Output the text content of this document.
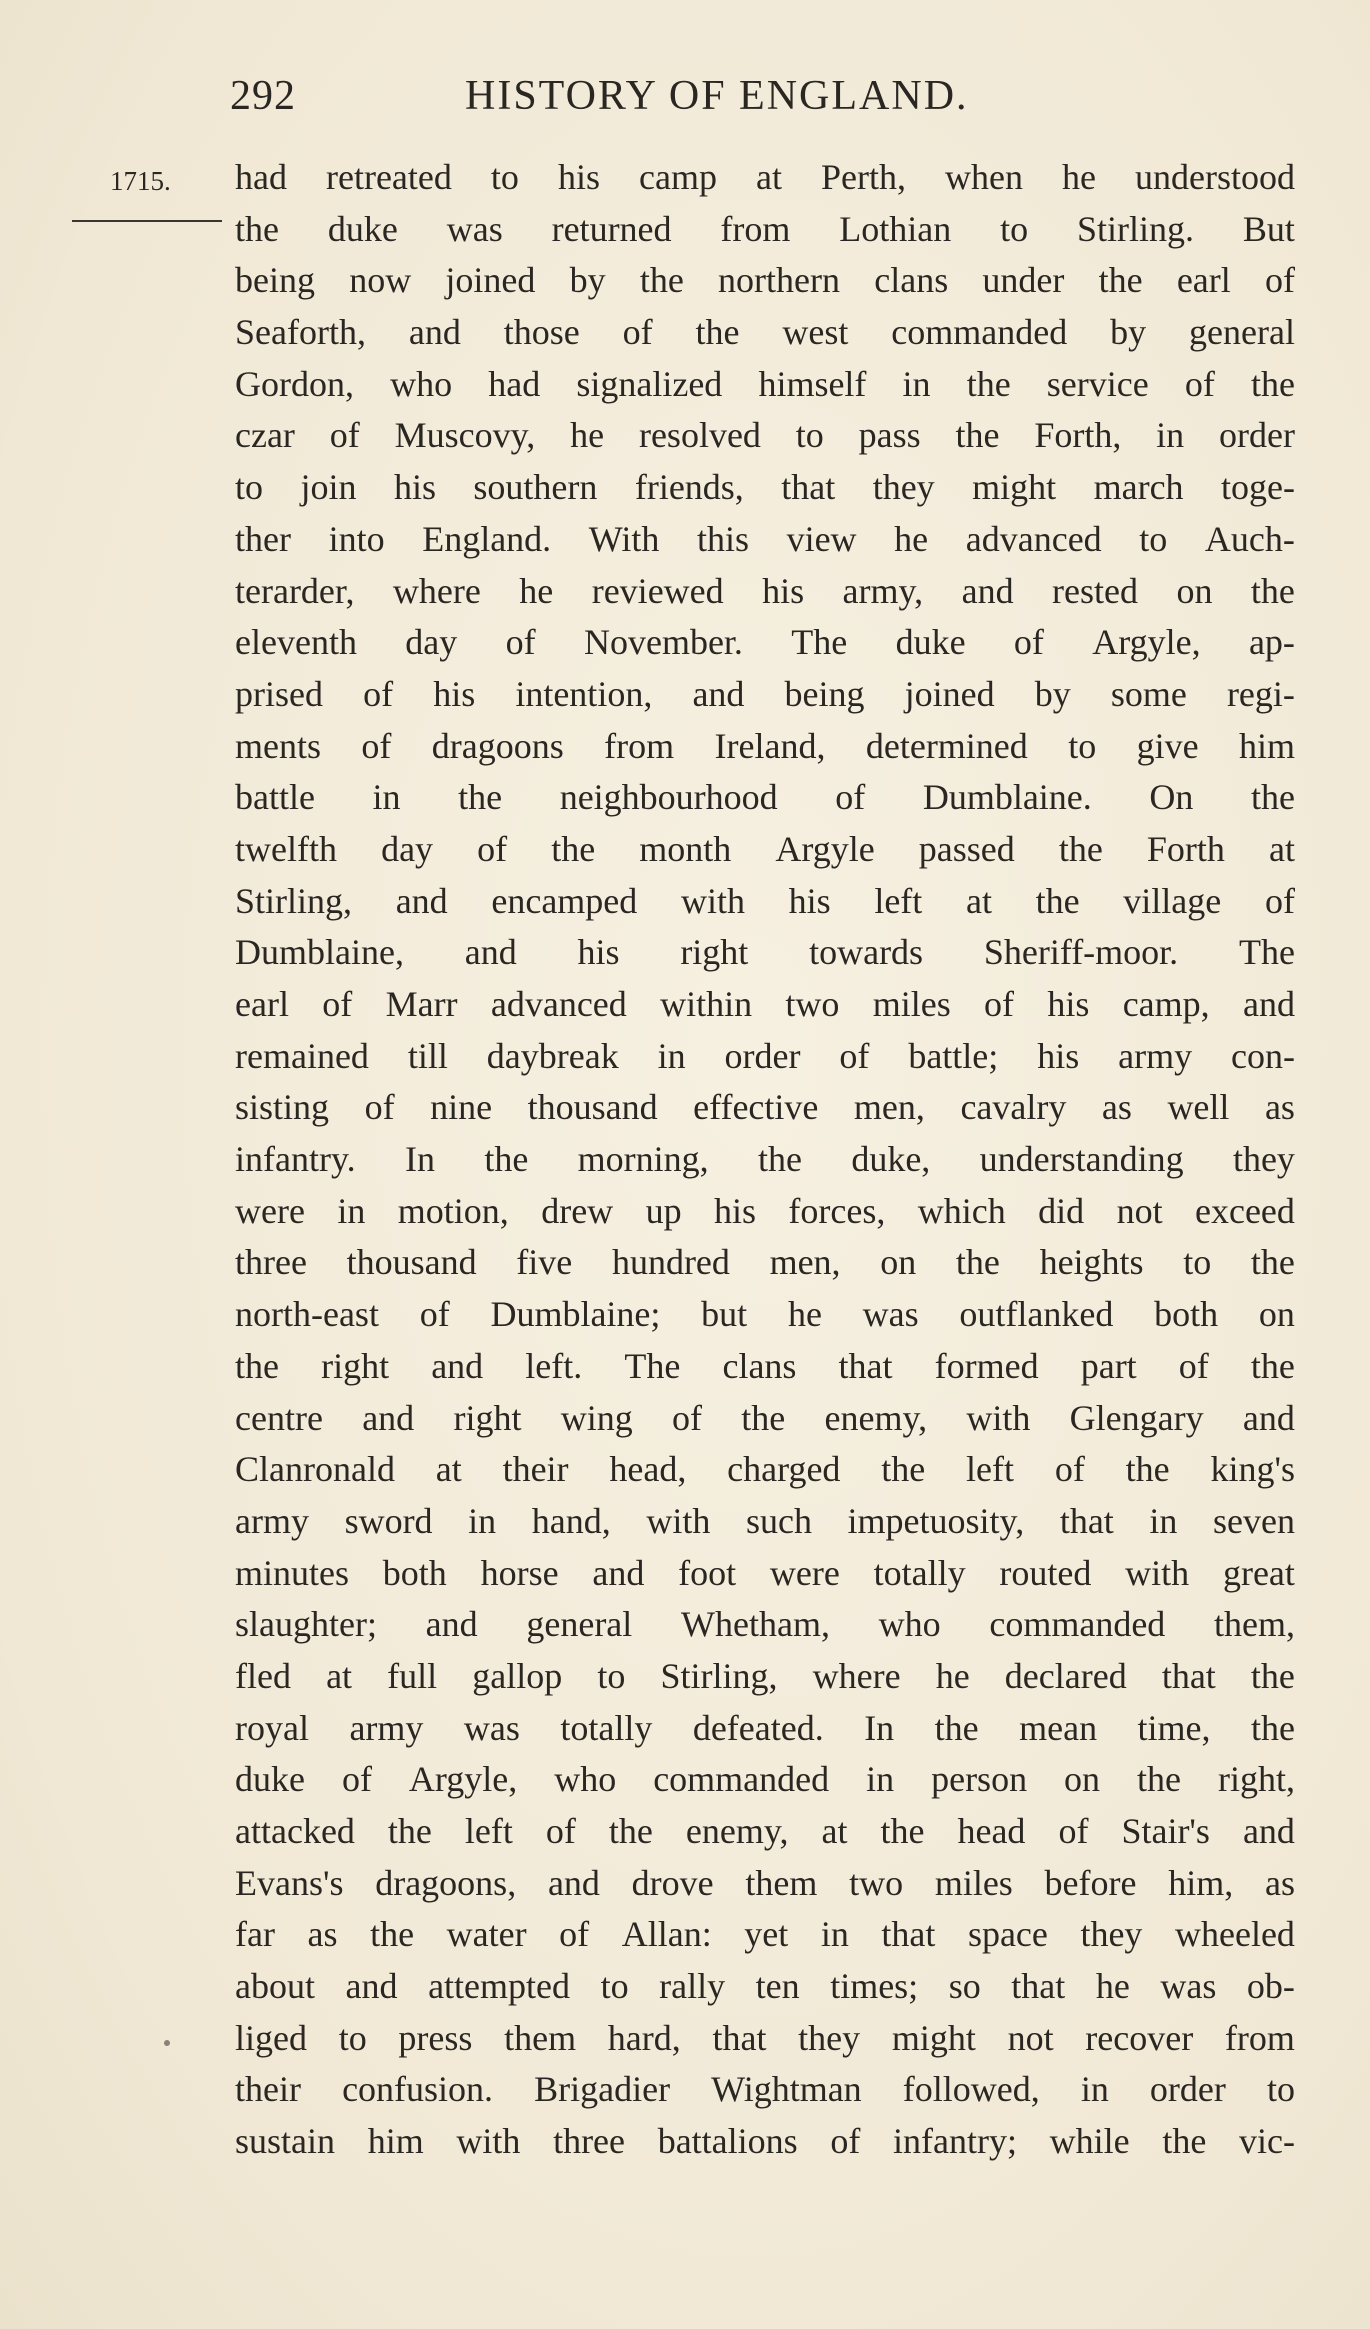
292	HISTORY OF ENGLAND.
1715. had retreated to his camp at Perth, when he understood
the duke was returned from Lothian to Stirling. But
being now joined by the northern clans under the earl of
Seaforth, and those of the west commanded by general
Gordon, who had signalized himself in the service of the
czar of Muscovy, he resolved to pass the Forth, in order
to join his southern friends, that they might march toge-
ther into England. With this view he advanced to Auch-
terarder, where he reviewed his army, and rested on the
eleventh day of November. The duke of Argyle, ap-
prised of his intention, and being joined by some regi-
ments of dragoons from Ireland, determined to give him
battle in the neighbourhood of Dumblaine. On the
twelfth day of the month Argyle passed the Forth at
Stirling, and encamped with his left at the village of
Dumblaine, and his right towards Sheriff-moor. The
earl of Marr advanced within two miles of his camp, and
remained till daybreak in order of battle; his army con-
sisting of nine thousand effective men, cavalry as well as
infantry. In the morning, the duke, understanding they
were in motion, drew up his forces, which did not exceed
three thousand five hundred men, on the heights to the
north-east of Dumblaine; but he was outflanked both on
the right and left. The clans that formed part of the
centre and right wing of the enemy, with Glengary and
Clanronald at their head, charged the left of the king's
army sword in hand, with such impetuosity, that in seven
minutes both horse and foot were totally routed with great
slaughter; and general Whetham, who commanded them,
fled at full gallop to Stirling, where he declared that the
royal army was totally defeated. In the mean time, the
duke of Argyle, who commanded in person on the right,
attacked the left of the enemy, at the head of Stair's and
Evans's dragoons, and drove them two miles before him, as
far as the water of Allan: yet in that space they wheeled
about and attempted to rally ten times; so that he was ob-
liged to press them hard, that they might not recover from
their confusion. Brigadier Wightman followed, in order to
sustain him with three battalions of infantry; while the vic-
